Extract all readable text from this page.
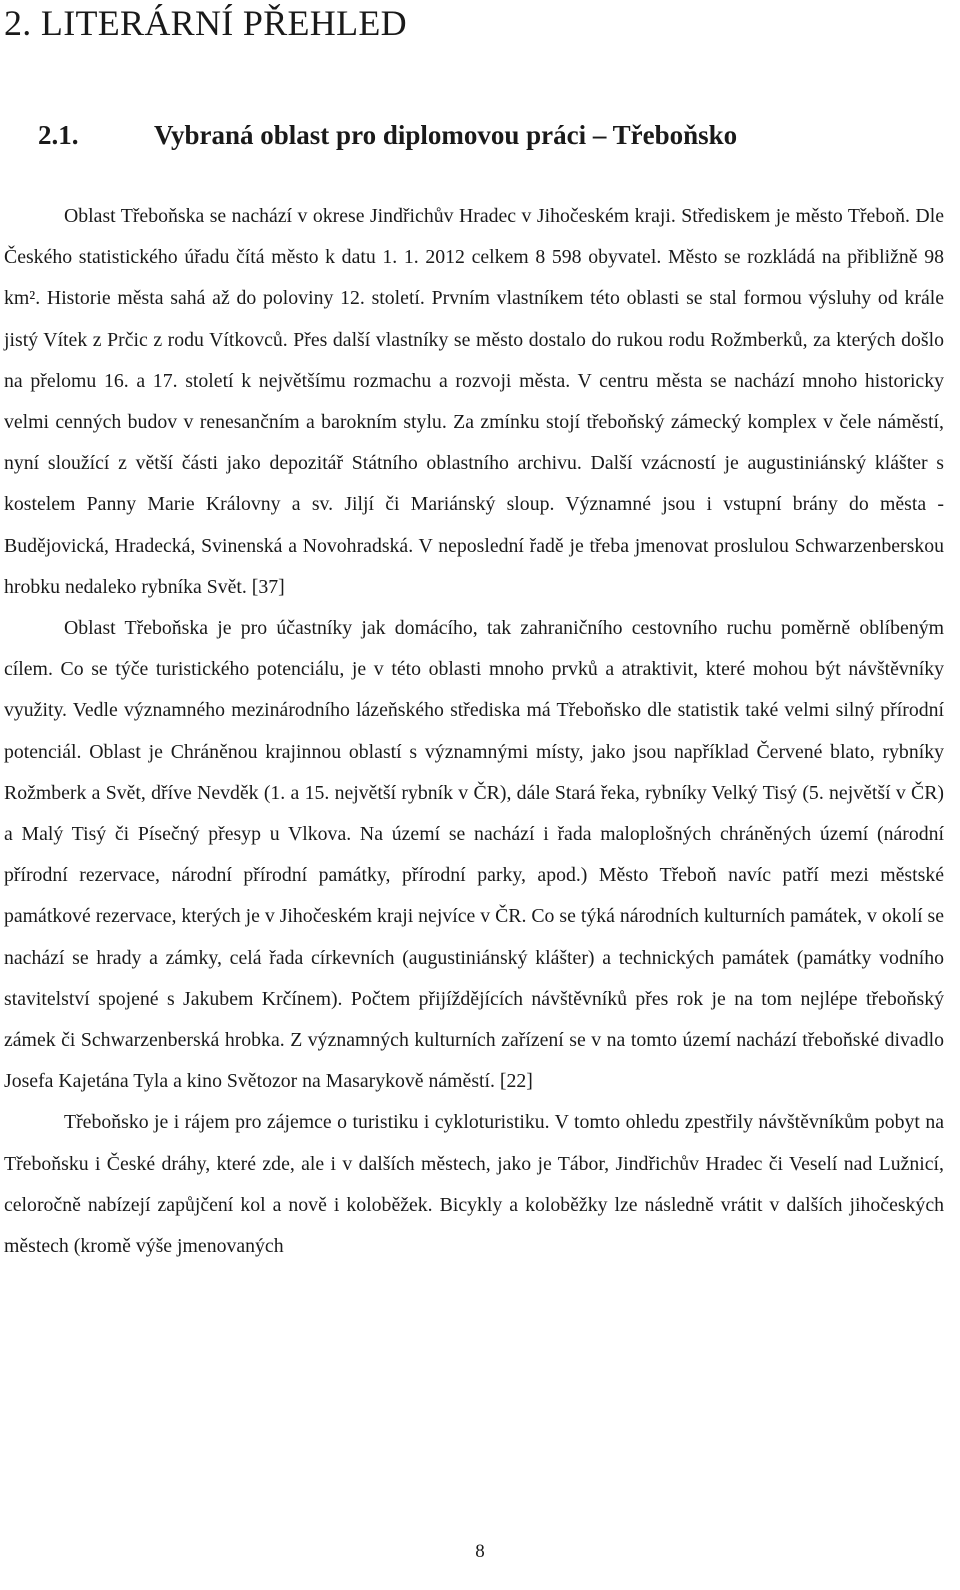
2. LITERÁRNÍ PŘEHLED
2.1.	Vybraná oblast pro diplomovou práci – Třeboňsko

Oblast Třeboňska se nachází v okrese Jindřichův Hradec v Jihočeském kraji. Střediskem je město Třeboň. Dle Českého statistického úřadu čítá město k datu 1. 1. 2012 celkem 8 598 obyvatel. Město se rozkládá na přibližně 98 km². Historie města sahá až do poloviny 12. století. Prvním vlastníkem této oblasti se stal formou výsluhy od krále jistý Vítek z Prčic z rodu Vítkovců. Přes další vlastníky se město dostalo do rukou rodu Rožmberků, za kterých došlo na přelomu 16. a 17. století k největšímu rozmachu a rozvoji města. V centru města se nachází mnoho historicky velmi cenných budov v renesančním a barokním stylu. Za zmínku stojí třeboňský zámecký komplex v čele náměstí, nyní sloužící z větší části jako depozitář Státního oblastního archivu. Další vzácností je augustiniánský klášter s kostelem Panny Marie Královny a sv. Jiljí či Mariánský sloup. Významné jsou i vstupní brány do města - Budějovická, Hradecká, Svinenská a Novohradská. V neposlední řadě je třeba jmenovat proslulou Schwarzenberskou hrobku nedaleko rybníka Svět. [37]

Oblast Třeboňska je pro účastníky jak domácího, tak zahraničního cestovního ruchu poměrně oblíbeným cílem. Co se týče turistického potenciálu, je v této oblasti mnoho prvků a atraktivit, které mohou být návštěvníky využity. Vedle významného mezinárodního lázeňského střediska má Třeboňsko dle statistik také velmi silný přírodní potenciál. Oblast je Chráněnou krajinnou oblastí s významnými místy, jako jsou například Červené blato, rybníky Rožmberk a Svět, dříve Nevděk (1. a 15. největší rybník v ČR), dále Stará řeka, rybníky Velký Tisý (5. největší v ČR) a Malý Tisý či Písečný přesyp u Vlkova. Na území se nachází i řada maloplošných chráněných území (národní přírodní rezervace, národní přírodní památky, přírodní parky, apod.) Město Třeboň navíc patří mezi městské památkové rezervace, kterých je v Jihočeském kraji nejvíce v ČR. Co se týká národních kulturních památek, v okolí se nachází se hrady a zámky, celá řada církevních (augustiniánský klášter) a technických památek (památky vodního stavitelství spojené s Jakubem Krčínem). Počtem přijíždějících návštěvníků přes rok je na tom nejlépe třeboňský zámek či Schwarzenberská hrobka. Z významných kulturních zařízení se v na tomto území nachází třeboňské divadlo Josefa Kajetána Tyla a kino Světozor na Masarykově náměstí. [22]

Třeboňsko je i rájem pro zájemce o turistiku i cykloturistiku. V tomto ohledu zpestřily návštěvníkům pobyt na Třeboňsku i České dráhy, které zde, ale i v dalších městech, jako je Tábor, Jindřichův Hradec či Veselí nad Lužnicí, celoročně nabízejí zapůjčení kol a nově i koloběžek. Bicykly a koloběžky lze následně vrátit v dalších jihočeských městech (kromě výše jmenovaných

8
